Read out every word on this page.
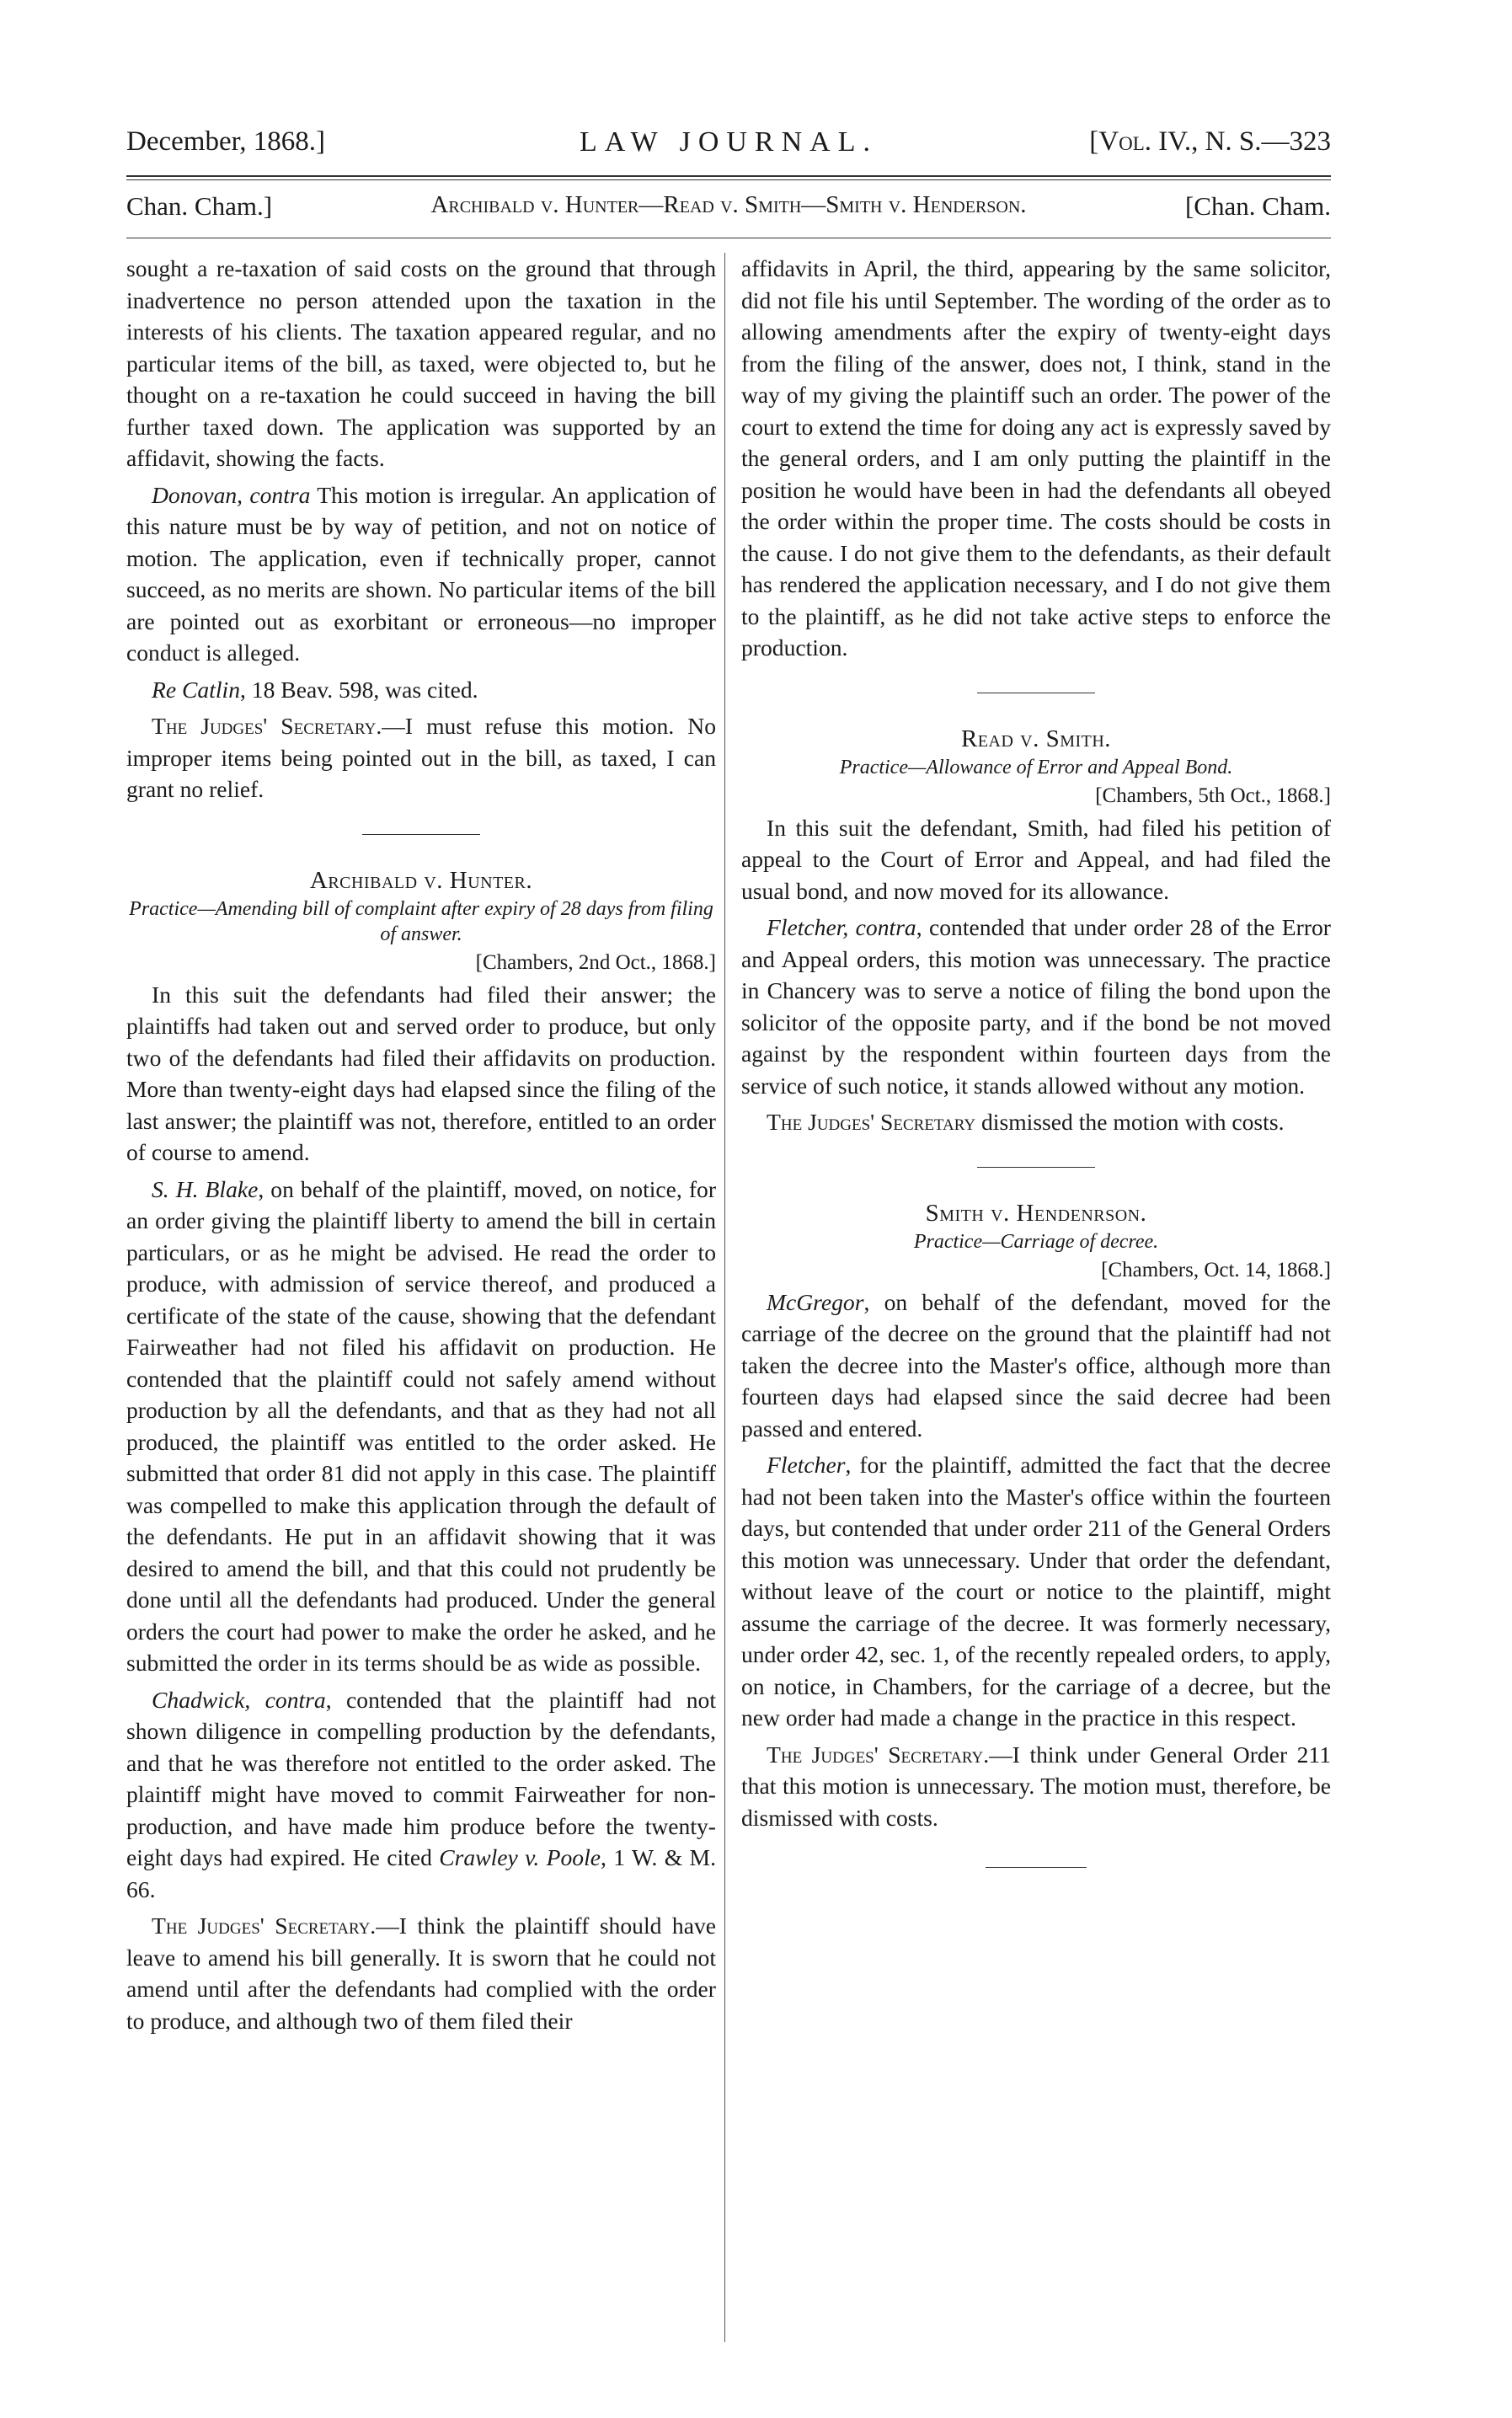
December, 1868.]	LAW JOURNAL.	[Vol. IV., N. S.—323
Chan. Cham.]	Archibald v. Hunter—Read v. Smith—Smith v. Henderson.	[Chan. Cham.

sought a re-taxation of said costs on the ground that through inadvertence no person attended upon the taxation in the interests of his clients. The taxation appeared regular, and no particular items of the bill, as taxed, were objected to, but he thought on a re-taxation he could succeed in having the bill further taxed down. The application was supported by an affidavit, showing the facts.

Donovan, contra This motion is irregular. An application of this nature must be by way of petition, and not on notice of motion. The application, even if technically proper, cannot succeed, as no merits are shown. No particular items of the bill are pointed out as exorbitant or erroneous—no improper conduct is alleged.

Re Catlin, 18 Beav. 598, was cited.

The Judges' Secretary.—I must refuse this motion. No improper items being pointed out in the bill, as taxed, I can grant no relief.

Archibald v. Hunter.

Practice—Amending bill of complaint after expiry of 28 days from filing of answer.

[Chambers, 2nd Oct., 1868.]

In this suit the defendants had filed their answer; the plaintiffs had taken out and served order to produce, but only two of the defendants had filed their affidavits on production. More than twenty-eight days had elapsed since the filing of the last answer; the plaintiff was not, therefore, entitled to an order of course to amend.

S. H. Blake, on behalf of the plaintiff, moved, on notice, for an order giving the plaintiff liberty to amend the bill in certain particulars, or as he might be advised. He read the order to produce, with admission of service thereof, and produced a certificate of the state of the cause, showing that the defendant Fairweather had not filed his affidavit on production. He contended that the plaintiff could not safely amend without production by all the defendants, and that as they had not all produced, the plaintiff was entitled to the order asked. He submitted that order 81 did not apply in this case. The plaintiff was compelled to make this application through the default of the defendants. He put in an affidavit showing that it was desired to amend the bill, and that this could not prudently be done until all the defendants had produced. Under the general orders the court had power to make the order he asked, and he submitted the order in its terms should be as wide as possible.

Chadwick, contra, contended that the plaintiff had not shown diligence in compelling production by the defendants, and that he was therefore not entitled to the order asked. The plaintiff might have moved to commit Fairweather for non-production, and have made him produce before the twenty-eight days had expired. He cited Crawley v. Poole, 1 W. & M. 66.

The Judges' Secretary.—I think the plaintiff should have leave to amend his bill generally. It is sworn that he could not amend until after the defendants had complied with the order to produce, and although two of them filed their

affidavits in April, the third, appearing by the same solicitor, did not file his until September. The wording of the order as to allowing amendments after the expiry of twenty-eight days from the filing of the answer, does not, I think, stand in the way of my giving the plaintiff such an order. The power of the court to extend the time for doing any act is expressly saved by the general orders, and I am only putting the plaintiff in the position he would have been in had the defendants all obeyed the order within the proper time. The costs should be costs in the cause. I do not give them to the defendants, as their default has rendered the application necessary, and I do not give them to the plaintiff, as he did not take active steps to enforce the production.

Read v. Smith.

Practice—Allowance of Error and Appeal Bond.

[Chambers, 5th Oct., 1868.]

In this suit the defendant, Smith, had filed his petition of appeal to the Court of Error and Appeal, and had filed the usual bond, and now moved for its allowance.

Fletcher, contra, contended that under order 28 of the Error and Appeal orders, this motion was unnecessary. The practice in Chancery was to serve a notice of filing the bond upon the solicitor of the opposite party, and if the bond be not moved against by the respondent within fourteen days from the service of such notice, it stands allowed without any motion.

The Judges' Secretary dismissed the motion with costs.

Smith v. Hendenrson.

Practice—Carriage of decree.

[Chambers, Oct. 14, 1868.]

McGregor, on behalf of the defendant, moved for the carriage of the decree on the ground that the plaintiff had not taken the decree into the Master's office, although more than fourteen days had elapsed since the said decree had been passed and entered.

Fletcher, for the plaintiff, admitted the fact that the decree had not been taken into the Master's office within the fourteen days, but contended that under order 211 of the General Orders this motion was unnecessary. Under that order the defendant, without leave of the court or notice to the plaintiff, might assume the carriage of the decree. It was formerly necessary, under order 42, sec. 1, of the recently repealed orders, to apply, on notice, in Chambers, for the carriage of a decree, but the new order had made a change in the practice in this respect.

The Judges' Secretary.—I think under General Order 211 that this motion is unnecessary. The motion must, therefore, be dismissed with costs.
